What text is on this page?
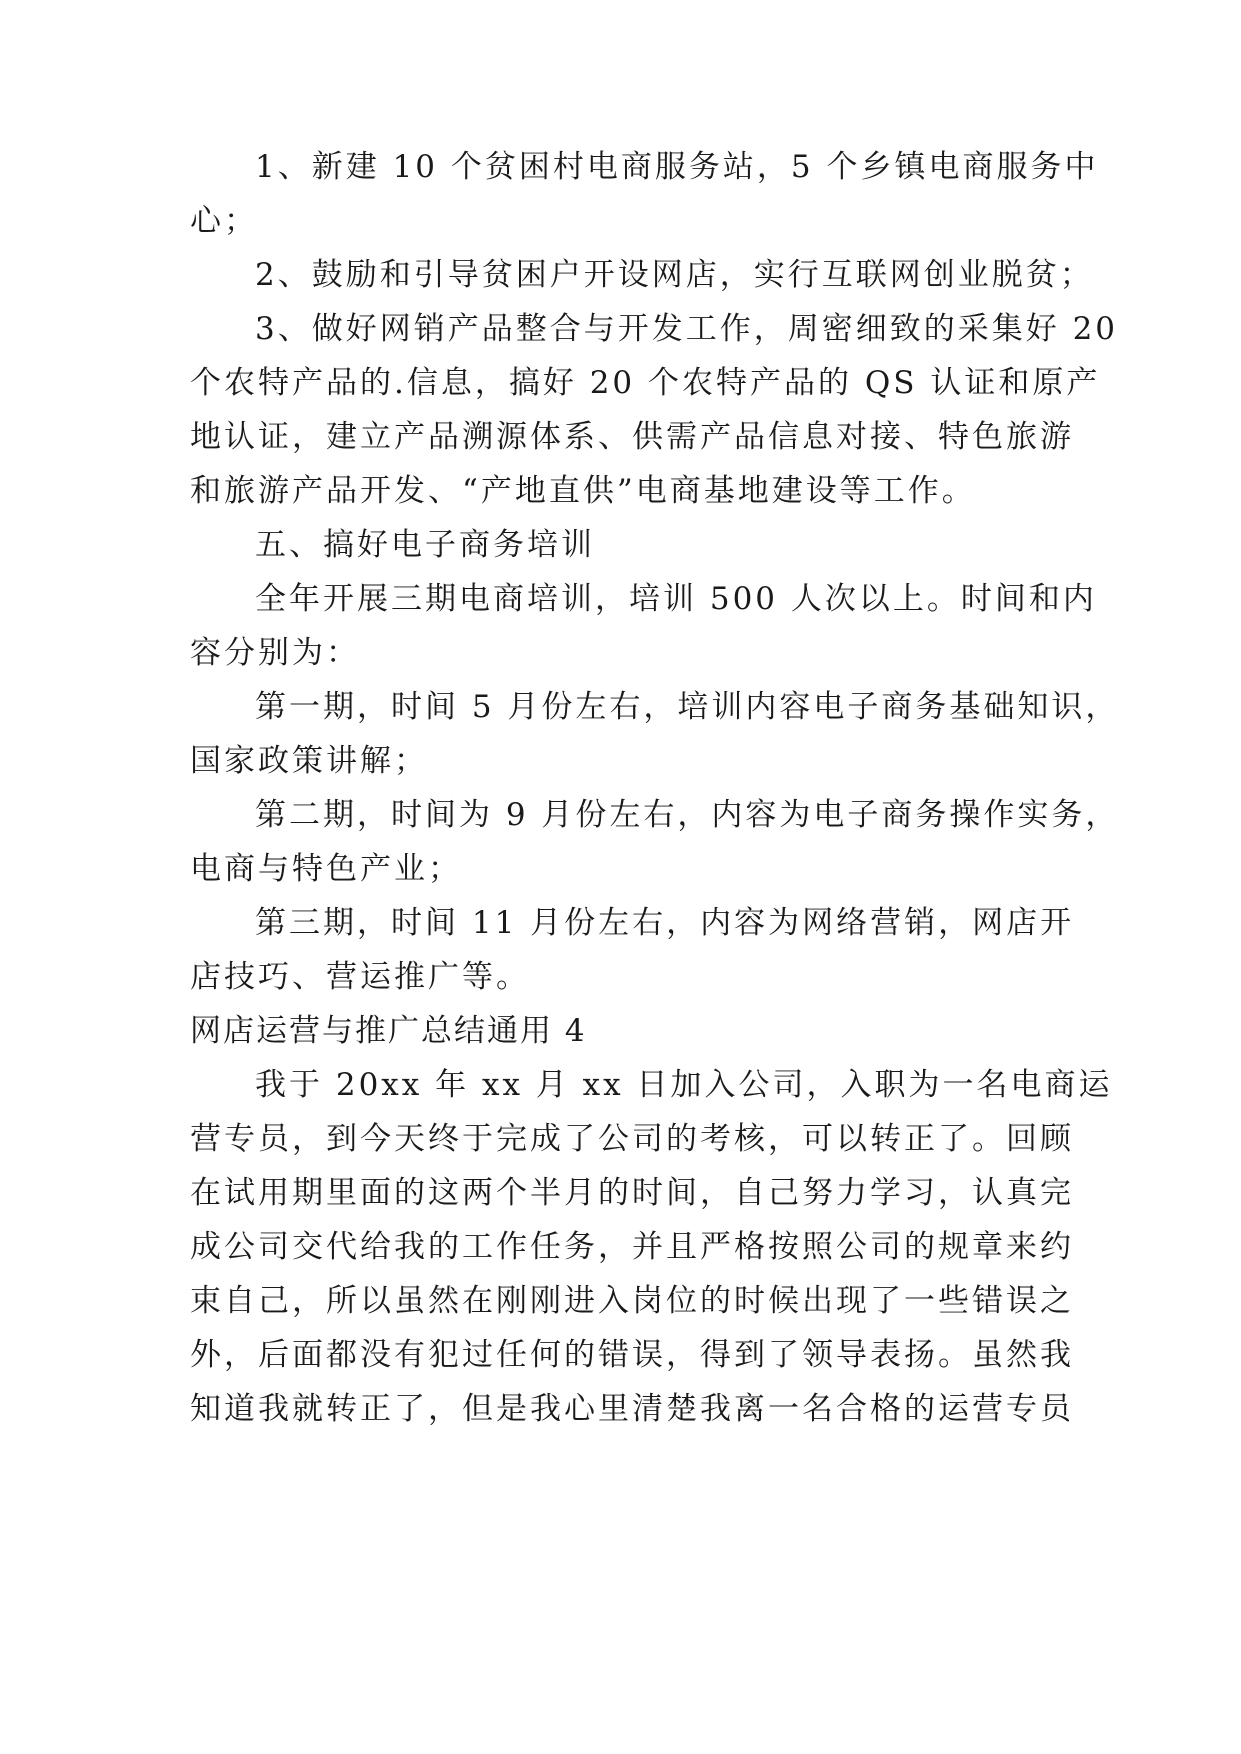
1、新建 10 个贫困村电商服务站，5 个乡镇电商服务中

心；

2、鼓励和引导贫困户开设网店，实行互联网创业脱贫；

3、做好网销产品整合与开发工作，周密细致的采集好 20

个农特产品的.信息，搞好 20 个农特产品的 QS 认证和原产

地认证，建立产品溯源体系、供需产品信息对接、特色旅游

和旅游产品开发、“产地直供”电商基地建设等工作。

五、搞好电子商务培训

全年开展三期电商培训，培训 500 人次以上。时间和内

容分别为：

第一期，时间 5 月份左右，培训内容电子商务基础知识，

国家政策讲解；

第二期，时间为 9 月份左右，内容为电子商务操作实务，

电商与特色产业；

第三期，时间 11 月份左右，内容为网络营销，网店开

店技巧、营运推广等。

网店运营与推广总结通用 4

我于 20xx 年 xx 月 xx 日加入公司，入职为一名电商运

营专员，到今天终于完成了公司的考核，可以转正了。回顾

在试用期里面的这两个半月的时间，自己努力学习，认真完

成公司交代给我的工作任务，并且严格按照公司的规章来约

束自己，所以虽然在刚刚进入岗位的时候出现了一些错误之

外，后面都没有犯过任何的错误，得到了领导表扬。虽然我

知道我就转正了，但是我心里清楚我离一名合格的运营专员
